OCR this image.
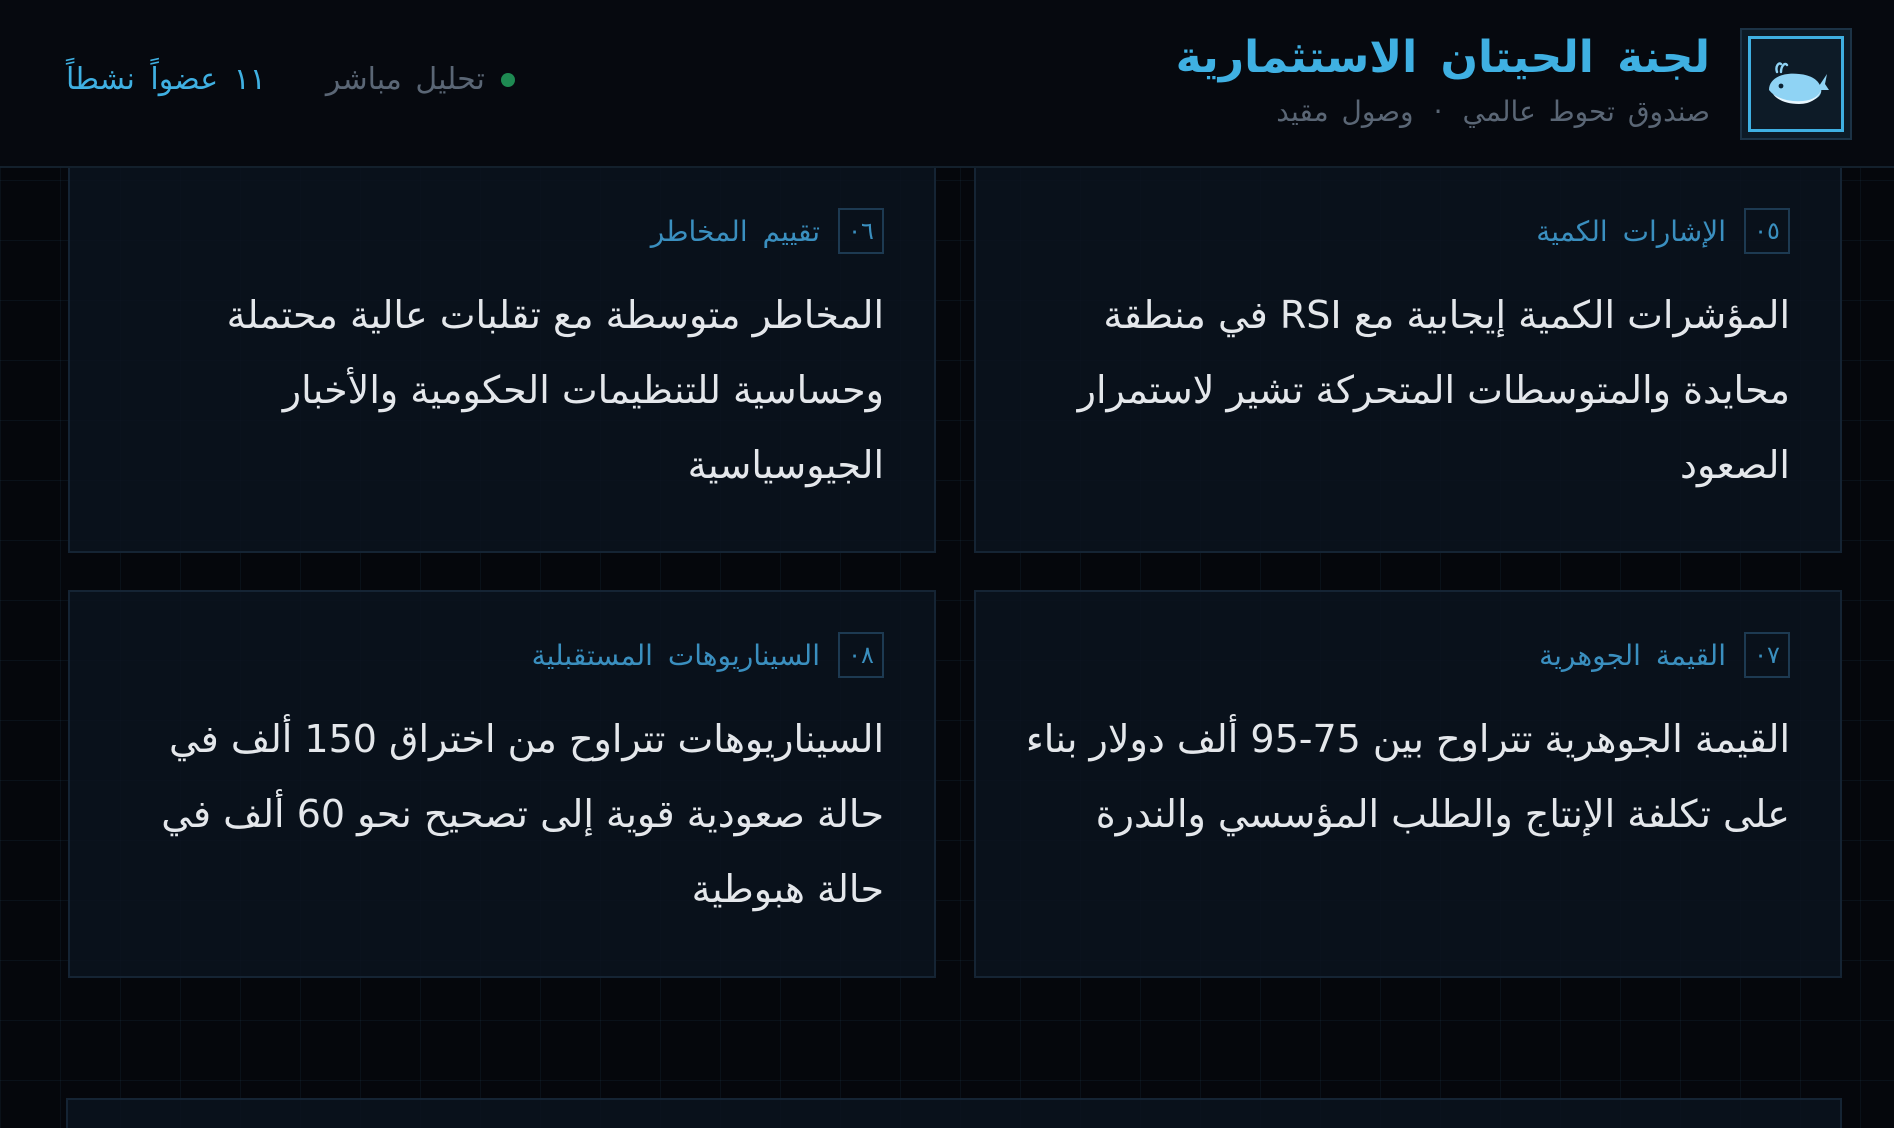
لجنة الحيتان الاستثمارية
صندوق تحوط عالمي·وصول مقيد
تحليل مباشر
١١ عضواً نشطاً
٠٥
الإشارات الكمية
المؤشرات الكمية إيجابية مع RSI في منطقة محايدة والمتوسطات المتحركة تشير لاستمرار الصعود
٠٦
تقييم المخاطر
المخاطر متوسطة مع تقلبات عالية محتملة وحساسية للتنظيمات الحكومية والأخبار الجيوسياسية
٠٧
القيمة الجوهرية
القيمة الجوهرية تتراوح بين 75-95 ألف دولار بناء على تكلفة الإنتاج والطلب المؤسسي والندرة
٠٨
السيناريوهات المستقبلية
السيناريوهات تتراوح من اختراق 150 ألف في حالة صعودية قوية إلى تصحيح نحو 60 ألف في حالة هبوطية
